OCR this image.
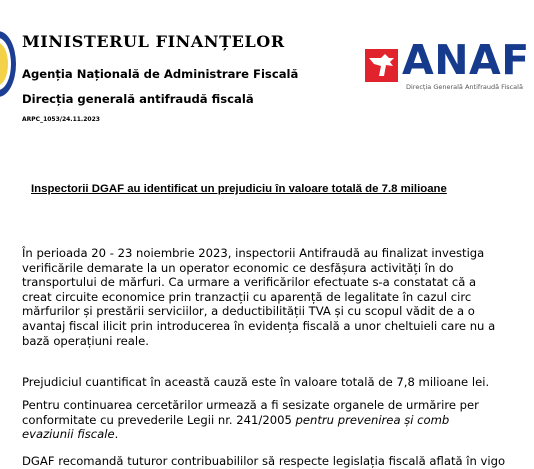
MINISTERUL FINANȚELOR

Agenția Națională de Administrare Fiscală

Direcția generală antifraudă fiscală

ARPC_1053/24.11.2023

ANAF
Direcția Generală Antifraudă Fiscală

Inspectorii DGAF au identificat un prejudiciu în valoare totală de 7.8 milioane

În perioada 20 - 23 noiembrie 2023, inspectorii Antifraudă au finalizat investiga
verificările demarate la un operator economic ce desfășura activități în do
transportului de mărfuri. Ca urmare a verificărilor efectuate s-a constatat că a
creat circuite economice prin tranzacții cu aparență de legalitate în cazul circ
mărfurilor și prestării serviciilor, a deductibilității TVA și cu scopul vădit de a o
avantaj fiscal ilicit prin introducerea în evidența fiscală a unor cheltuieli care nu a
bază operațiuni reale.

Prejudiciul cuantificat în această cauză este în valoare totală de 7,8 milioane lei.

Pentru continuarea cercetărilor urmează a fi sesizate organele de urmărire per
conformitate cu prevederile Legii nr. 241/2005 pentru prevenirea și comb
evaziunii fiscale.

DGAF recomandă tuturor contribuabililor să respecte legislația fiscală aflată în vigo
